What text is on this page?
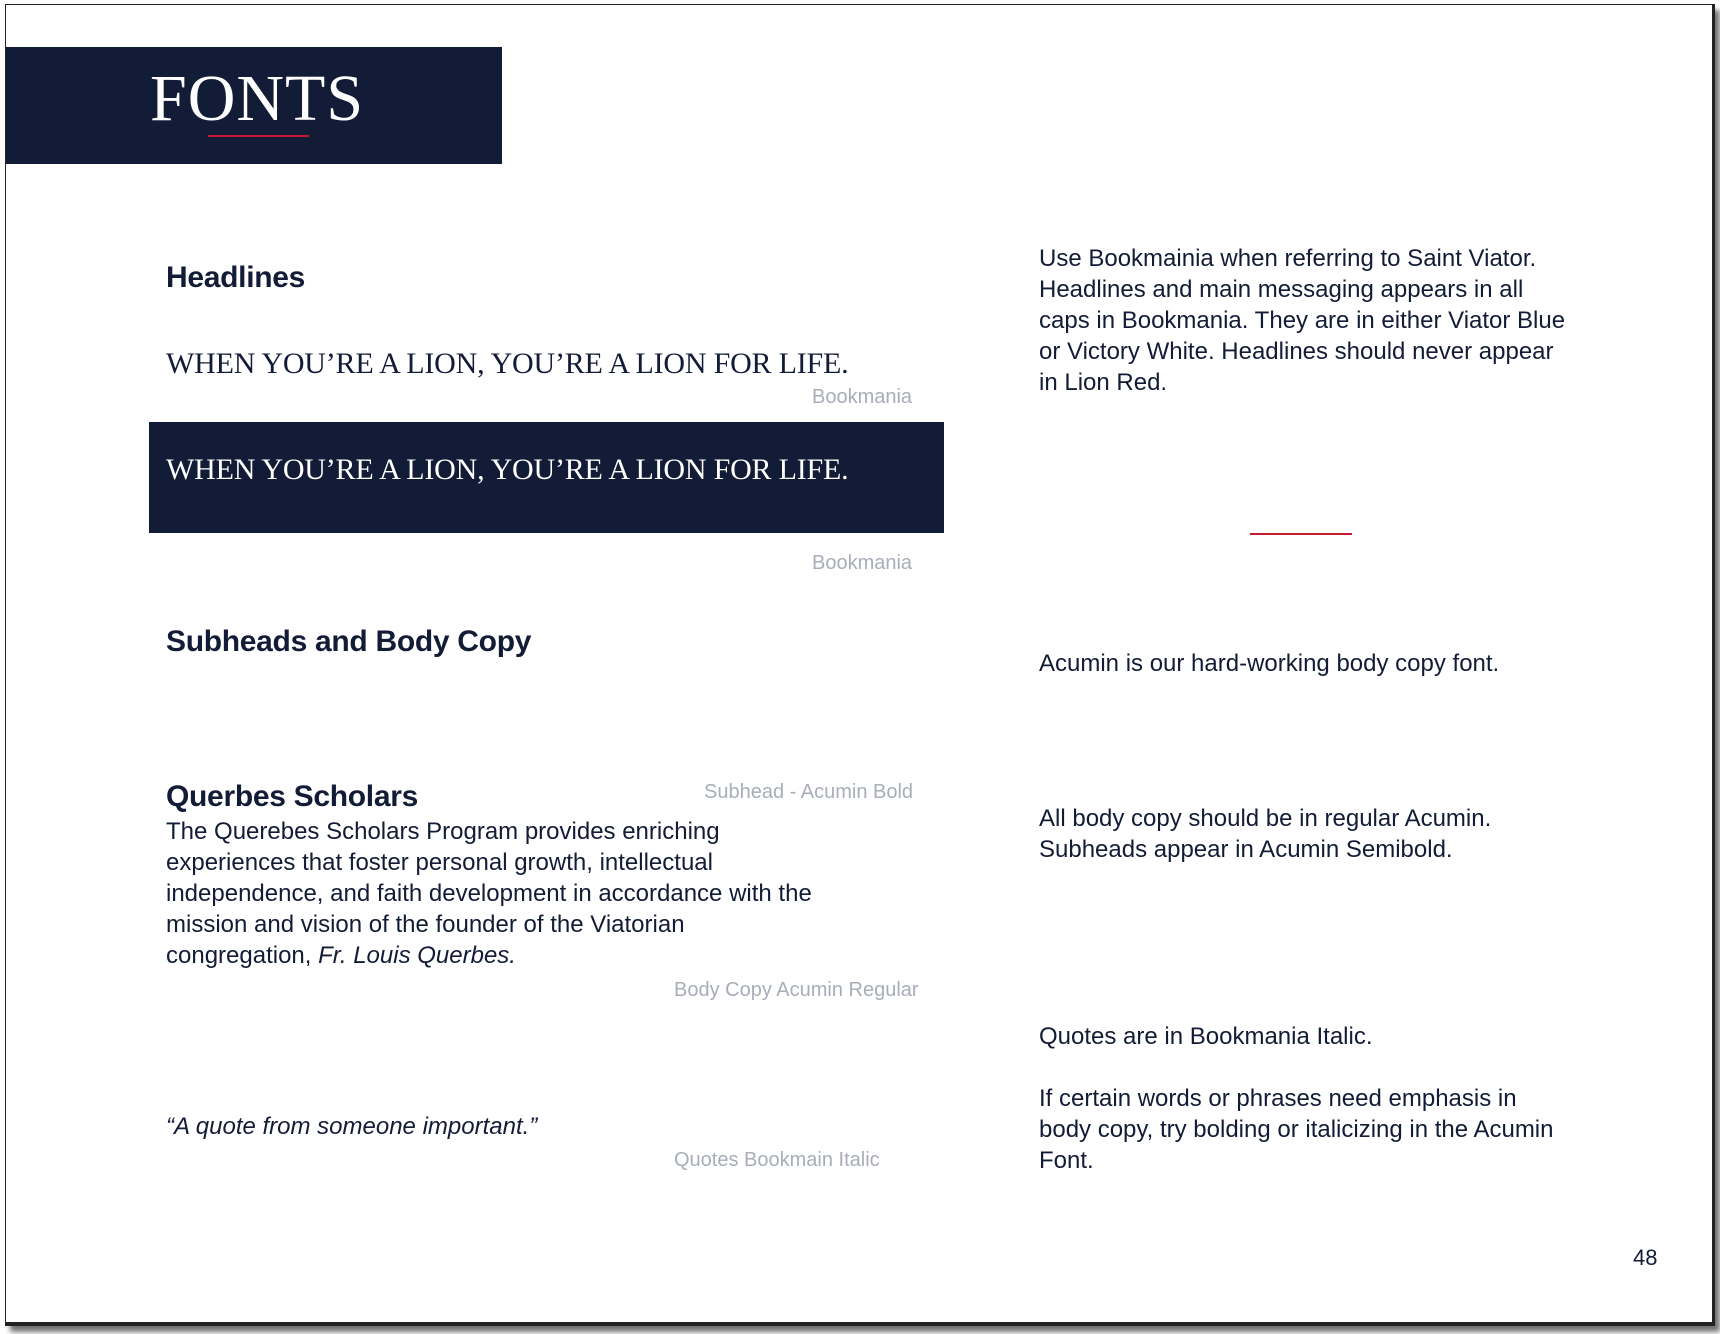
FONTS
Headlines
WHEN YOU’RE A LION, YOU’RE A LION FOR LIFE.
Bookmania
WHEN YOU’RE A LION, YOU’RE A LION FOR LIFE.
Bookmania
Subheads and Body Copy
Querbes Scholars	Subhead - Acumin Bold
The Querebes Scholars Program provides enriching experiences that foster personal growth, intellectual independence, and faith development in accordance with the mission and vision of the founder of the Viatorian congregation, Fr. Louis Querbes.
Body Copy Acumin Regular
“A quote from someone important.”
Quotes Bookmain Italic
Use Bookmainia when referring to Saint Viator. Headlines and main messaging appears in all caps in Bookmania. They are in either Viator Blue or Victory White. Headlines should never appear in Lion Red.
Acumin is our hard-working body copy font.
All body copy should be in regular Acumin. Subheads appear in Acumin Semibold.
Quotes are in Bookmania Italic.
If certain words or phrases need emphasis in body copy, try bolding or italicizing in the Acumin Font.
48
